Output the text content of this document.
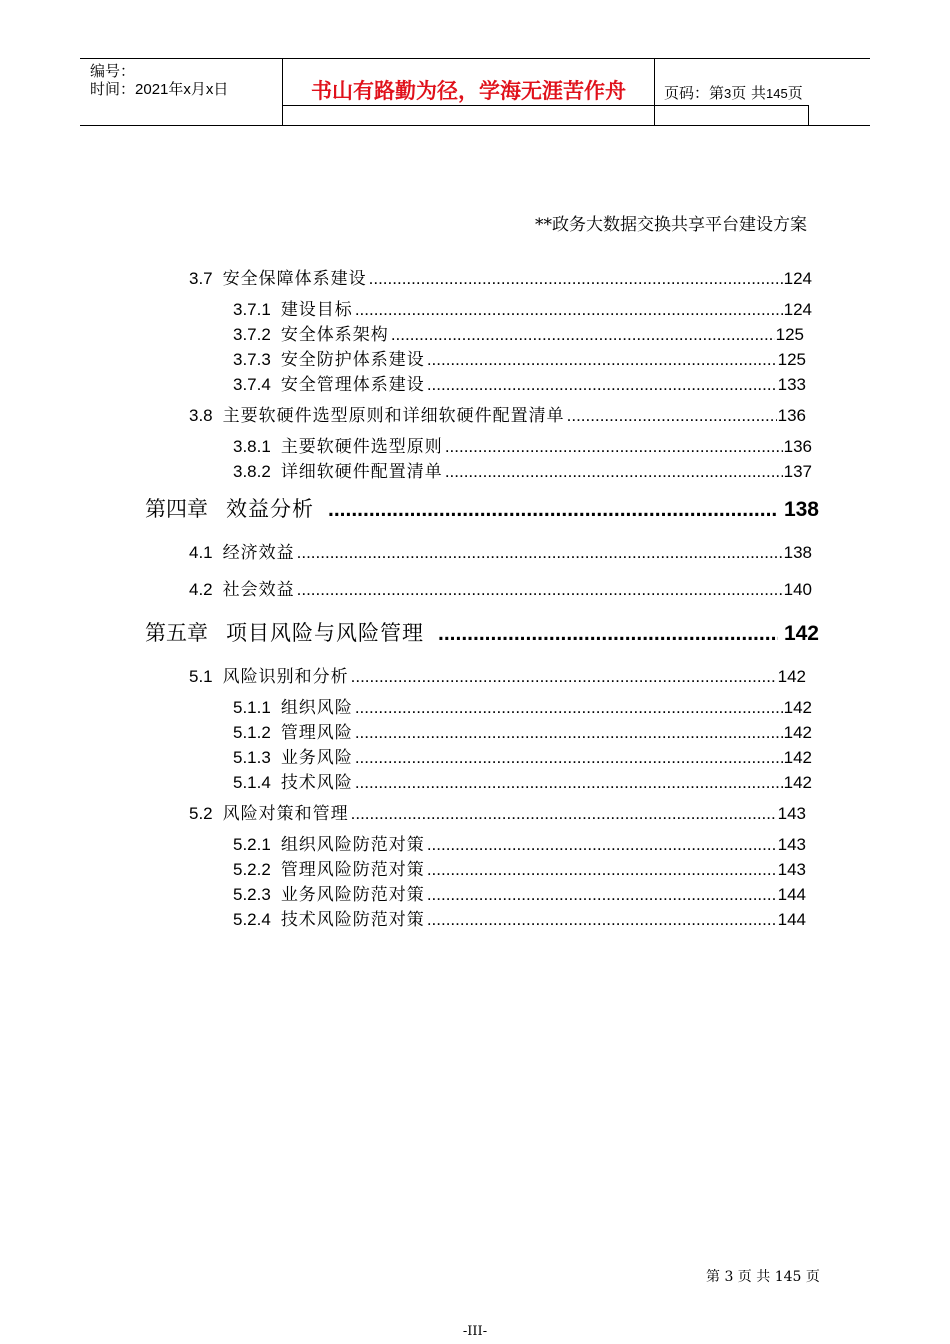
编号：
时间：2021年x月x日	书山有路勤为径，学海无涯苦作舟	页码：第3页 共145页
**政务大数据交换共享平台建设方案
3.7 安全保障体系建设 .....	124
3.7.1 建设目标 .....	124
3.7.2 安全体系架构 .....	125
3.7.3 安全防护体系建设 .....	125
3.7.4 安全管理体系建设 .....	133
3.8 主要软硬件选型原则和详细软硬件配置清单 .....	136
3.8.1 主要软硬件选型原则 .....	136
3.8.2 详细软硬件配置清单 .....	137
第四章 效益分析 .....	138
4.1 经济效益 .....	138
4.2 社会效益 .....	140
第五章 项目风险与风险管理 .....	142
5.1 风险识别和分析 .....	142
5.1.1 组织风险 .....	142
5.1.2 管理风险 .....	142
5.1.3 业务风险 .....	142
5.1.4 技术风险 .....	142
5.2 风险对策和管理 .....	143
5.2.1 组织风险防范对策 .....	143
5.2.2 管理风险防范对策 .....	143
5.2.3 业务风险防范对策 .....	144
5.2.4 技术风险防范对策 .....	144
第 3 页 共 145 页
-III-
